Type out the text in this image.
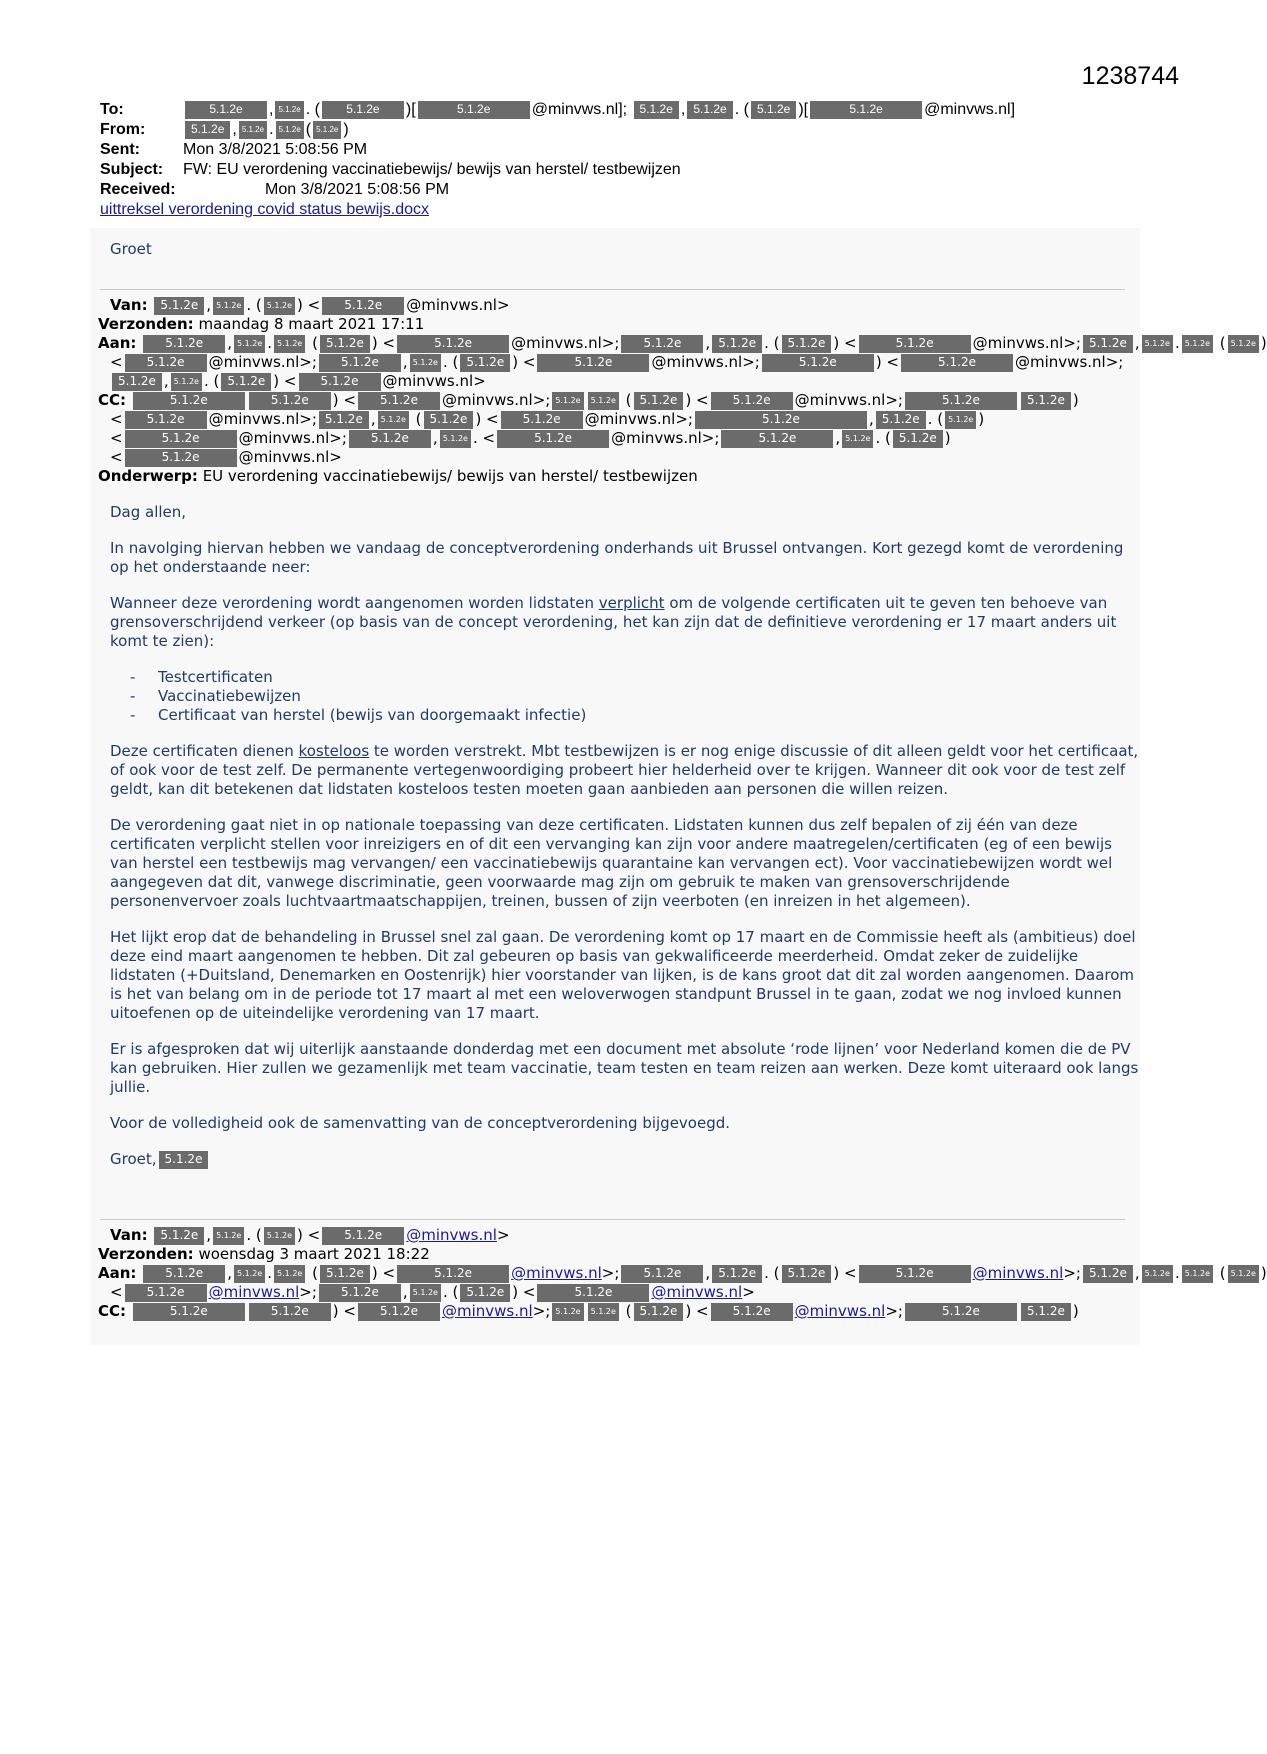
1238744
To:	5.1.2e	, 5.1.2e . (	5.1.2e	)[	5.1.2e	@minvws.nl ]; 5.1.2e , 5.1.2e . ( 5.1.2e )[	5.1.2e	@minvws.nl ]
From:	5.1.2e , 5.1.2e . 5.1.2e ( 5.1.2e )
Sent:	Mon 3/8/2021 5:08:56 PM
Subject:	FW: EU verordening vaccinatiebewijs/ bewijs van herstel/ testbewijzen
Received:	Mon 3/8/2021 5:08:56 PM
uittreksel verordening covid status bewijs.docx
Groet
Van: 5.1.2e , 5.1.2e . ( 5.1.2e ) < 5.1.2e @minvws.nl>
Verzonden: maandag 8 maart 2021 17:11
Aan: 5.1.2e , 5.1.2e . 5.1.2e ( 5.1.2e ) <	5.1.2e	@minvws.nl>; 5.1.2e , 5.1.2e . ( 5.1.2e ) <	5.1.2e	@minvws.nl>; 5.1.2e , 5.1.2e . 5.1.2e ( 5.1.2e )
< 5.1.2e @minvws.nl>; 5.1.2e , 5.1.2e . ( 5.1.2e ) <	5.1.2e	@minvws.nl>;	5.1.2e	) <	5.1.2e	@minvws.nl>;
5.1.2e , 5.1.2e . ( 5.1.2e ) < 5.1.2e @minvws.nl>
CC:	5.1.2e	5.1.2e ) < 5.1.2e @minvws.nl>; 5.1.2e 5.1.2e ( 5.1.2e ) < 5.1.2e @minvws.nl>;	5.1.2e	5.1.2e )
< 5.1.2e @minvws.nl>; 5.1.2e , 5.1.2e ( 5.1.2e ) < 5.1.2e @minvws.nl>;	5.1.2e	, 5.1.2e . ( 5.1.2e )
<	5.1.2e	@minvws.nl>; 5.1.2e , 5.1.2e . <	5.1.2e	@minvws.nl>;	5.1.2e	, 5.1.2e . ( 5.1.2e )
<	5.1.2e	@minvws.nl>
Onderwerp: EU verordening vaccinatiebewijs/ bewijs van herstel/ testbewijzen
Dag allen,
In navolging hiervan hebben we vandaag de conceptverordening onderhands uit Brussel ontvangen. Kort gezegd komt de verordening op het onderstaande neer:
Wanneer deze verordening wordt aangenomen worden lidstaten verplicht om de volgende certificaten uit te geven ten behoeve van grensoverschrijdend verkeer (op basis van de concept verordening, het kan zijn dat de definitieve verordening er 17 maart anders uit komt te zien):
- Testcertificaten
- Vaccinatiebewijzen
- Certificaat van herstel (bewijs van doorgemaakt infectie)
Deze certificaten dienen kosteloos te worden verstrekt. Mbt testbewijzen is er nog enige discussie of dit alleen geldt voor het certificaat, of ook voor de test zelf. De permanente vertegenwoordiging probeert hier helderheid over te krijgen. Wanneer dit ook voor de test zelf geldt, kan dit betekenen dat lidstaten kosteloos testen moeten gaan aanbieden aan personen die willen reizen.
De verordening gaat niet in op nationale toepassing van deze certificaten. Lidstaten kunnen dus zelf bepalen of zij één van deze certificaten verplicht stellen voor inreizigers en of dit een vervanging kan zijn voor andere maatregelen/certificaten (eg of een bewijs van herstel een testbewijs mag vervangen/ een vaccinatiebewijs quarantaine kan vervangen ect). Voor vaccinatiebewijzen wordt wel aangegeven dat dit, vanwege discriminatie, geen voorwaarde mag zijn om gebruik te maken van grensoverschrijdende personenvervoer zoals luchtvaartmaatschappijen, treinen, bussen of zijn veerboten (en inreizen in het algemeen).
Het lijkt erop dat de behandeling in Brussel snel zal gaan. De verordening komt op 17 maart en de Commissie heeft als (ambitieus) doel deze eind maart aangenomen te hebben. Dit zal gebeuren op basis van gekwalificeerde meerderheid. Omdat zeker de zuidelijke lidstaten (+Duitsland, Denemarken en Oostenrijk) hier voorstander van lijken, is de kans groot dat dit zal worden aangenomen. Daarom is het van belang om in de periode tot 17 maart al met een weloverwogen standpunt Brussel in te gaan, zodat we nog invloed kunnen uitoefenen op de uiteindelijke verordening van 17 maart.
Er is afgesproken dat wij uiterlijk aanstaande donderdag met een document met absolute ‘rode lijnen’ voor Nederland komen die de PV kan gebruiken. Hier zullen we gezamenlijk met team vaccinatie, team testen en team reizen aan werken. Deze komt uiteraard ook langs jullie.
Voor de volledigheid ook de samenvatting van de conceptverordening bijgevoegd.
Groet, 5.1.2e
Van: 5.1.2e , 5.1.2e . ( 5.1.2e ) < 5.1.2e @minvws.nl>
Verzonden: woensdag 3 maart 2021 18:22
Aan: 5.1.2e , 5.1.2e . 5.1.2e ( 5.1.2e ) <	5.1.2e	@minvws.nl>; 5.1.2e , 5.1.2e . ( 5.1.2e ) <	5.1.2e	@minvws.nl>; 5.1.2e , 5.1.2e . 5.1.2e ( 5.1.2e )
< 5.1.2e @minvws.nl>; 5.1.2e , 5.1.2e . ( 5.1.2e ) <	5.1.2e	@minvws.nl>
CC:	5.1.2e	5.1.2e ) < 5.1.2e @minvws.nl>; 5.1.2e 5.1.2e ( 5.1.2e ) < 5.1.2e @minvws.nl>;	5.1.2e	5.1.2e )
